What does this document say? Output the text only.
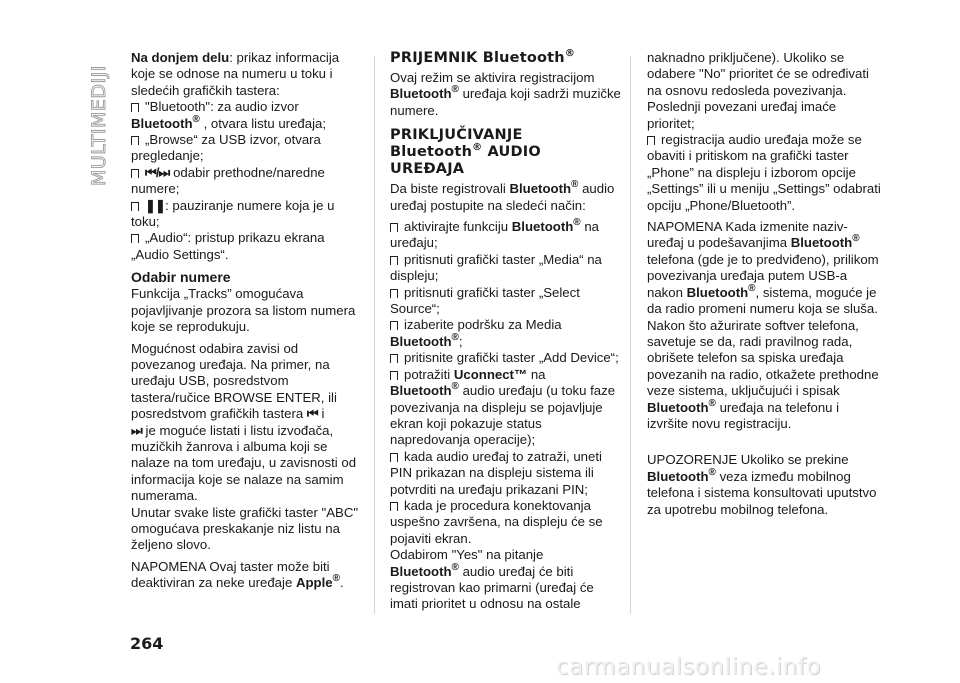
MULTIMEDIJI

Na donjem delu: prikaz informacija koje se odnose na numeru u toku i sledećih grafičkih tastera:

"Bluetooth": za audio izvor
Bluetooth® , otvara listu uređaja;

„Browse“ za USB izvor, otvara pregledanje;

⏮/⏭ odabir prethodne/naredne numere;

❚❚: pauziranje numere koja je u toku;

„Audio“: pristup prikazu ekrana „Audio Settings“.

Odabir numere

Funkcija „Tracks” omogućava pojavljivanje prozora sa listom numera koje se reprodukuju.

Mogućnost odabira zavisi od povezanog uređaja. Na primer, na uređaju USB, posredstvom tastera/ručice BROWSE ENTER, ili posredstvom grafičkih tastera ⏮ i
⏭ je moguće listati i listu izvođača, muzičkih žanrova i albuma koji se nalaze na tom uređaju, u zavisnosti od informacija koje se nalaze na samim numerama.

Unutar svake liste grafički taster "ABC" omogućava preskakanje niz listu na željeno slovo.

NAPOMENA Ovaj taster može biti deaktiviran za neke uređaje Apple®.

PRIJEMNIK Bluetooth®

Ovaj režim se aktivira registracijom
Bluetooth® uređaja koji sadrži muzičke numere.

PRIKLJUČIVANJE
Bluetooth® AUDIO
UREĐAJA

Da biste registrovali Bluetooth® audio uređaj postupite na sledeći način:

aktivirajte funkciju Bluetooth® na uređaju;

pritisnuti grafički taster „Media“ na displeju;

pritisnuti grafički taster „Select Source“;

izaberite podršku za Media
Bluetooth®;

pritisnite grafički taster „Add Device“;

potražiti Uconnect™ na
Bluetooth® audio uređaju (u toku faze povezivanja na displeju se pojavljuje ekran koji pokazuje status napredovanja operacije);

kada audio uređaj to zatraži, uneti PIN prikazan na displeju sistema ili potvrditi na uređaju prikazani PIN;

kada je procedura konektovanja uspešno završena, na displeju će se pojaviti ekran.

Odabirom "Yes" na pitanje
Bluetooth® audio uređaj će biti registrovan kao primarni (uređaj će imati prioritet u odnosu na ostale

naknadno priključene). Ukoliko se odabere "No" prioritet će se određivati na osnovu redosleda povezivanja. Poslednji povezani uređaj imaće prioritet;

registracija audio uređaja može se obaviti i pritiskom na grafički taster „Phone” na displeju i izborom opcije „Settings” ili u meniju „Settings” odabrati opciju „Phone/Bluetooth”.

NAPOMENA Kada izmenite naziv-uređaj u podešavanjima Bluetooth® telefona (gde je to predviđeno), prilikom povezivanja uređaja putem USB-a nakon Bluetooth®, sistema, moguće je da radio promeni numeru koja se sluša. Nakon što ažurirate softver telefona, savetuje se da, radi pravilnog rada, obrišete telefon sa spiska uređaja povezanih na radio, otkažete prethodne veze sistema, uključujući i spisak Bluetooth® uređaja na telefonu i izvršite novu registraciju.

UPOZORENJE Ukoliko se prekine
Bluetooth® veza između mobilnog telefona i sistema konsultovati uputstvo za upotrebu mobilnog telefona.

264
carmanualsonline.info
